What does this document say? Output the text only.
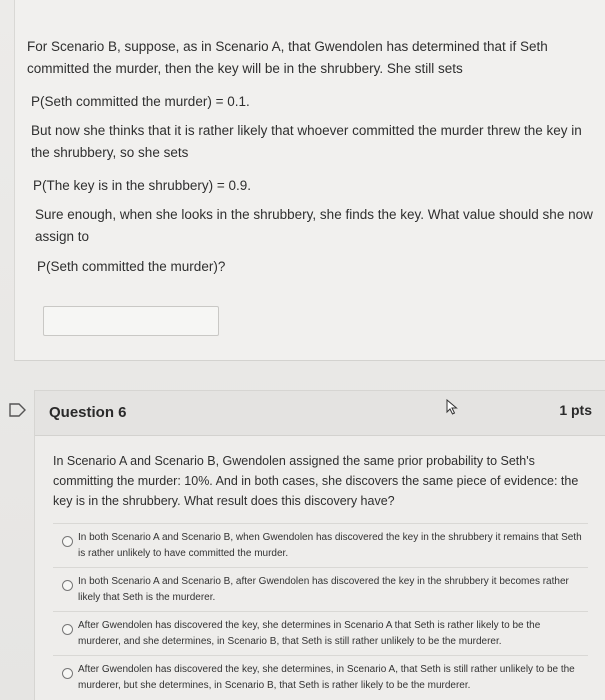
For Scenario B, suppose, as in Scenario A, that Gwendolen has determined that if Seth committed the murder, then the key will be in the shrubbery. She still sets

P(Seth committed the murder) = 0.1.

But now she thinks that it is rather likely that whoever committed the murder threw the key in the shrubbery, so she sets

P(The key is in the shrubbery) = 0.9.

Sure enough, when she looks in the shrubbery, she finds the key. What value should she now assign to

P(Seth committed the murder)?

Question 6	1 pts

In Scenario A and Scenario B, Gwendolen assigned the same prior probability to Seth's committing the murder: 10%. And in both cases, she discovers the same piece of evidence: the key is in the shrubbery. What result does this discovery have?

In both Scenario A and Scenario B, when Gwendolen has discovered the key in the shrubbery it remains that Seth is rather unlikely to have committed the murder.
In both Scenario A and Scenario B, after Gwendolen has discovered the key in the shrubbery it becomes rather likely that Seth is the murderer.
After Gwendolen has discovered the key, she determines in Scenario A that Seth is rather likely to be the murderer, and she determines, in Scenario B, that Seth is still rather unlikely to be the murderer.
After Gwendolen has discovered the key, she determines, in Scenario A, that Seth is still rather unlikely to be the murderer, but she determines, in Scenario B, that Seth is rather likely to be the murderer.
